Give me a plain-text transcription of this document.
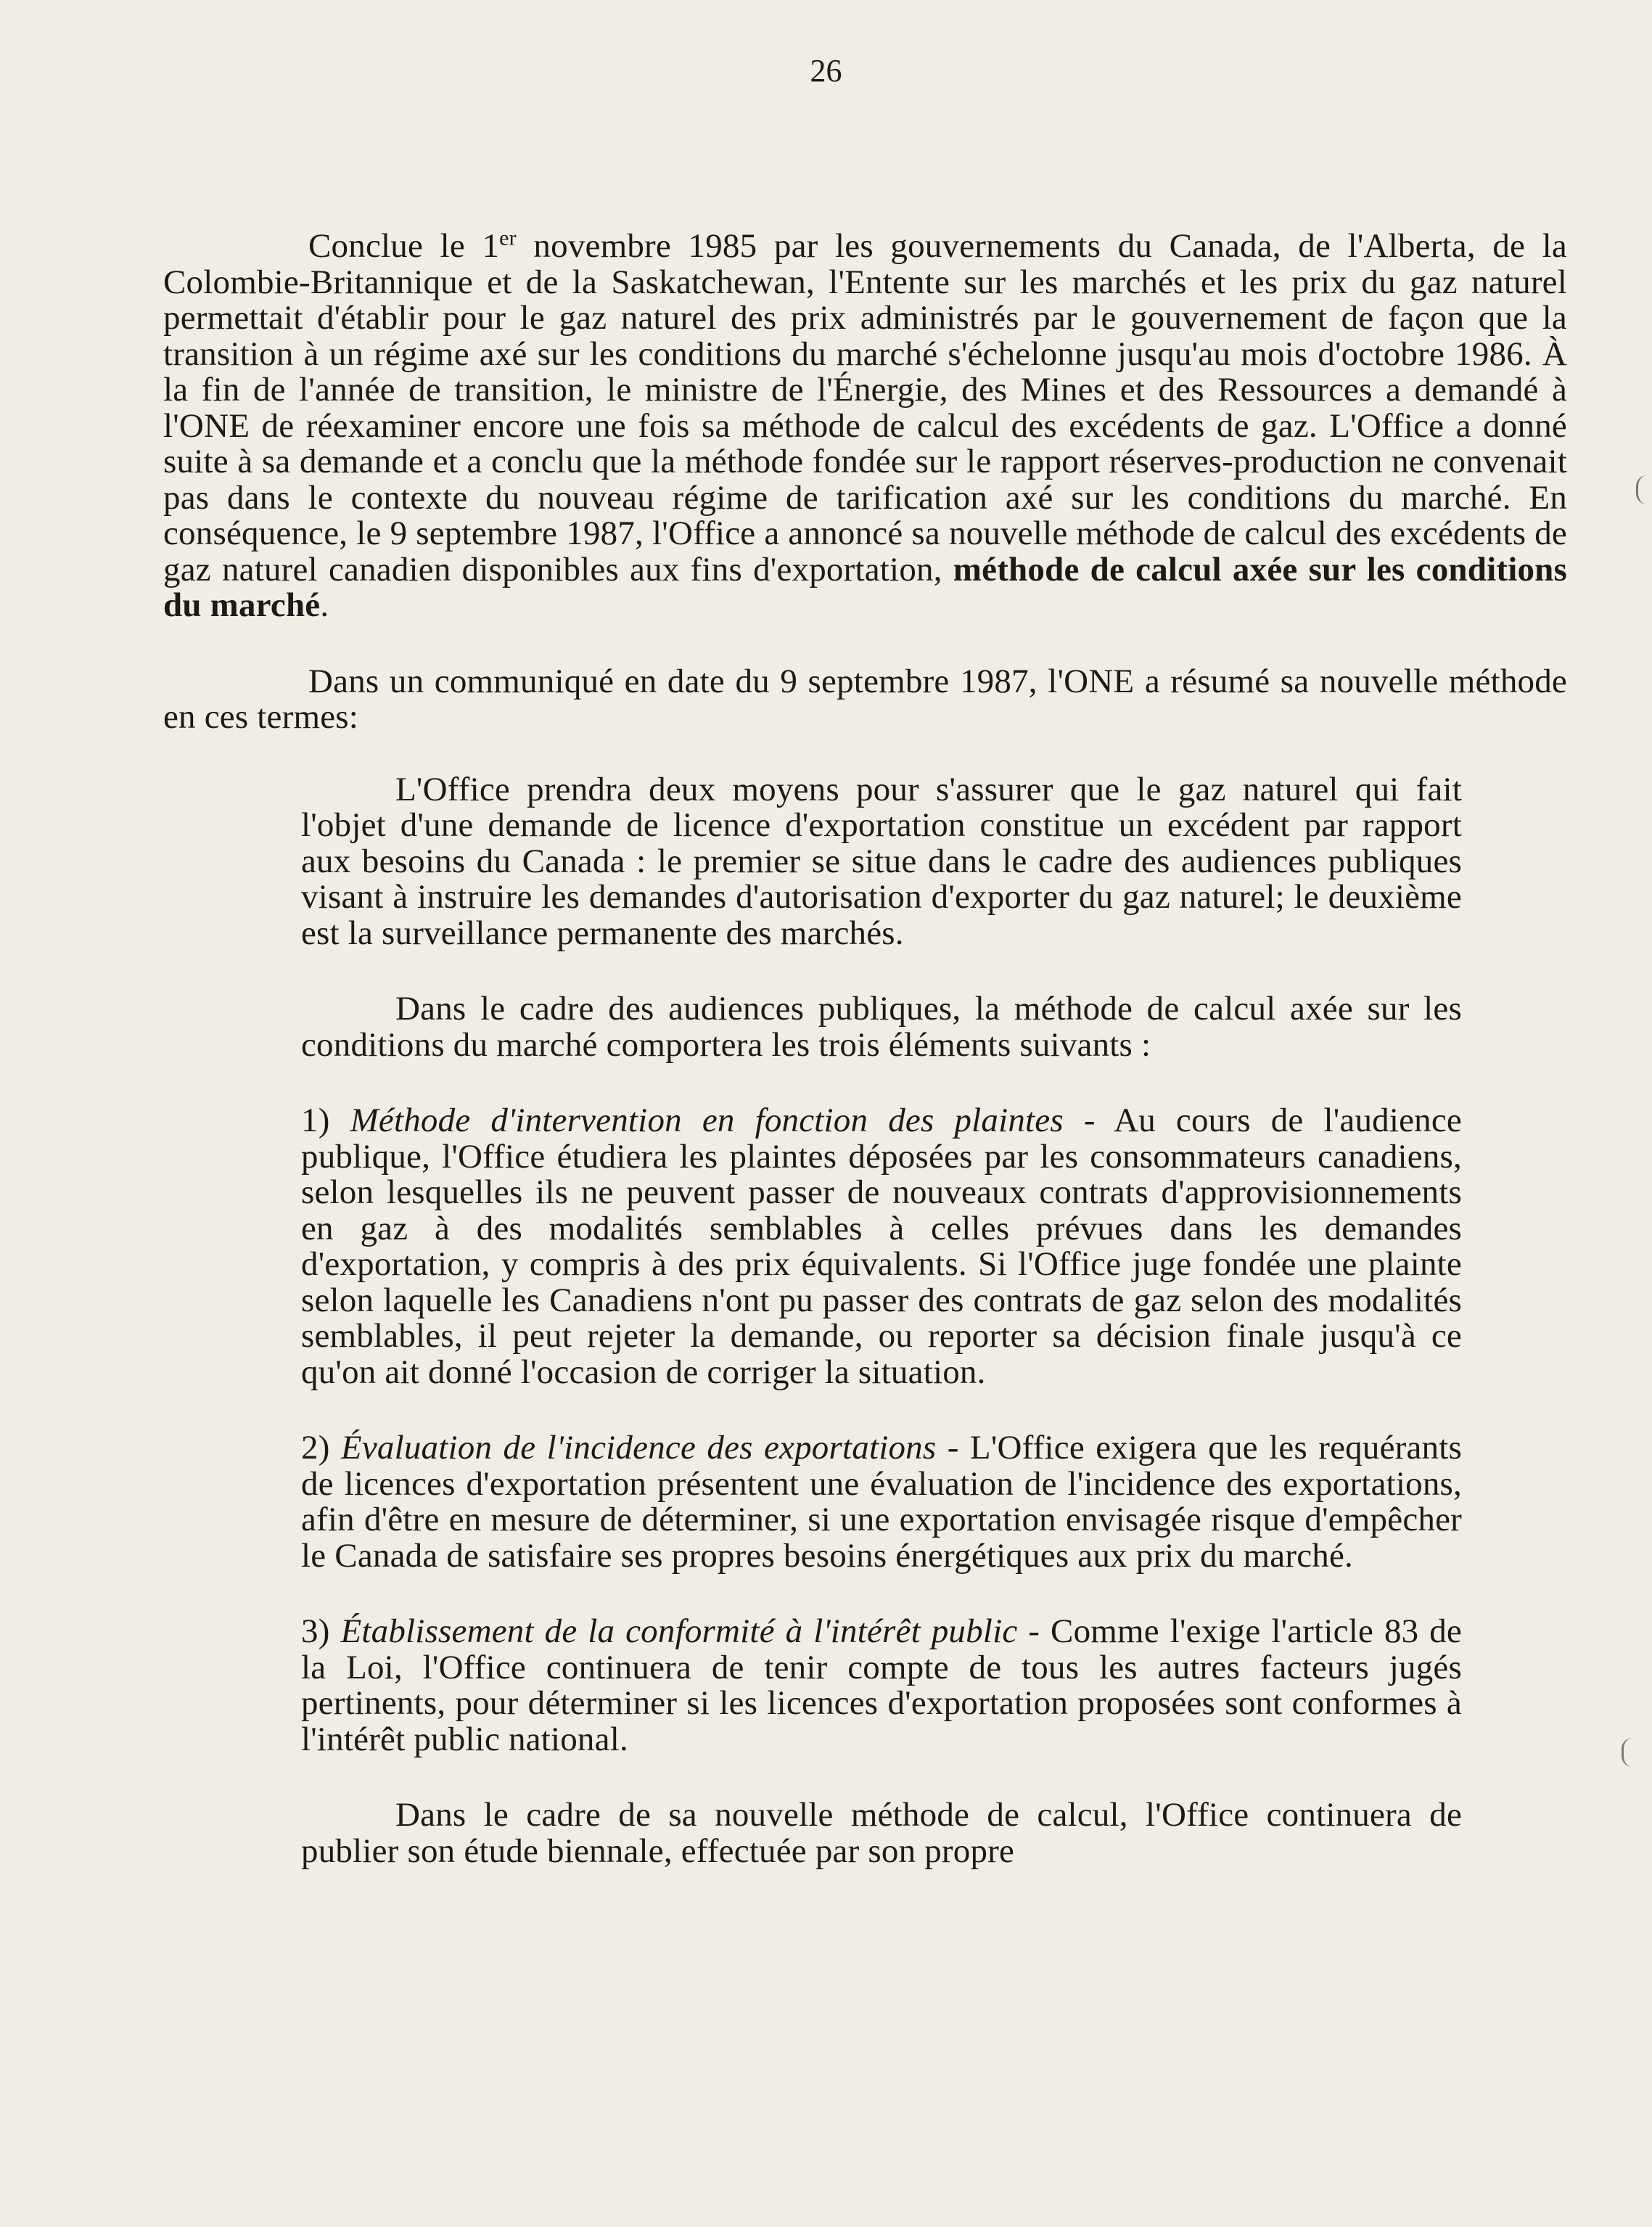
26

Conclue le 1er novembre 1985 par les gouvernements du Canada, de l'Alberta, de la Colombie-Britannique et de la Saskatchewan, l'Entente sur les marchés et les prix du gaz naturel permettait d'établir pour le gaz naturel des prix administrés par le gouvernement de façon que la transition à un régime axé sur les conditions du marché s'échelonne jusqu'au mois d'octobre 1986. À la fin de l'année de transition, le ministre de l'Énergie, des Mines et des Ressources a demandé à l'ONE de réexaminer encore une fois sa méthode de calcul des excédents de gaz. L'Office a donné suite à sa demande et a conclu que la méthode fondée sur le rapport réserves-production ne convenait pas dans le contexte du nouveau régime de tarification axé sur les conditions du marché. En conséquence, le 9 septembre 1987, l'Office a annoncé sa nouvelle méthode de calcul des excédents de gaz naturel canadien disponibles aux fins d'exportation, méthode de calcul axée sur les conditions du marché.

Dans un communiqué en date du 9 septembre 1987, l'ONE a résumé sa nouvelle méthode en ces termes:

L'Office prendra deux moyens pour s'assurer que le gaz naturel qui fait l'objet d'une demande de licence d'exportation constitue un excédent par rapport aux besoins du Canada : le premier se situe dans le cadre des audiences publiques visant à instruire les demandes d'autorisation d'exporter du gaz naturel; le deuxième est la surveillance permanente des marchés.

Dans le cadre des audiences publiques, la méthode de calcul axée sur les conditions du marché comportera les trois éléments suivants :

1) Méthode d'intervention en fonction des plaintes - Au cours de l'audience publique, l'Office étudiera les plaintes déposées par les consommateurs canadiens, selon lesquelles ils ne peuvent passer de nouveaux contrats d'approvisionnements en gaz à des modalités semblables à celles prévues dans les demandes d'exportation, y compris à des prix équivalents. Si l'Office juge fondée une plainte selon laquelle les Canadiens n'ont pu passer des contrats de gaz selon des modalités semblables, il peut rejeter la demande, ou reporter sa décision finale jusqu'à ce qu'on ait donné l'occasion de corriger la situation.

2) Évaluation de l'incidence des exportations - L'Office exigera que les requérants de licences d'exportation présentent une évaluation de l'incidence des exportations, afin d'être en mesure de déterminer, si une exportation envisagée risque d'empêcher le Canada de satisfaire ses propres besoins énergétiques aux prix du marché.

3) Établissement de la conformité à l'intérêt public - Comme l'exige l'article 83 de la Loi, l'Office continuera de tenir compte de tous les autres facteurs jugés pertinents, pour déterminer si les licences d'exportation proposées sont conformes à l'intérêt public national.

Dans le cadre de sa nouvelle méthode de calcul, l'Office continuera de publier son étude biennale, effectuée par son propre
